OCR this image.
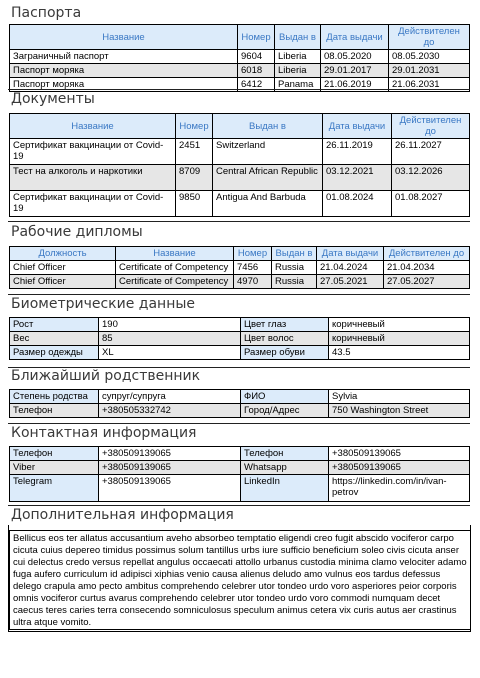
Паспорта
Название	Номер	Выдан в	Дата выдачи	Действителен до
Заграничный паспорт	9604	Liberia	08.05.2020	08.05.2030
Паспорт моряка	6018	Liberia	29.01.2017	29.01.2031
Паспорт моряка	6412	Panama	21.06.2019	21.06.2031
Документы
Название	Номер	Выдан в	Дата выдачи	Действителен до
Сертификат вакцинации от Covid-19	2451	Switzerland	26.11.2019	26.11.2027
Тест на алкоголь и наркотики	8709	Central African Republic	03.12.2021	03.12.2026
Сертификат вакцинации от Covid-19	9850	Antigua And Barbuda	01.08.2024	01.08.2027
Рабочие дипломы
Должность	Название	Номер	Выдан в	Дата выдачи	Действителен до
Chief Officer	Certificate of Competency	7456	Russia	21.04.2024	21.04.2034
Chief Officer	Certificate of Competency	4970	Russia	27.05.2021	27.05.2027
Биометрические данные
Рост	190	Цвет глаз	коричневый
Вес	85	Цвет волос	коричневый
Размер одежды	XL	Размер обуви	43.5
Ближайший родственник
Степень родства	супруг/супруга	ФИО	Sylvia
Телефон	+380505332742	Город/Адрес	750 Washington Street
Контактная информация
Телефон	+380509139065	Телефон	+380509139065
Viber	+380509139065	Whatsapp	+380509139065
Telegram	+380509139065	LinkedIn	https://linkedin.com/in/ivan-petrov
Дополнительная информация
Bellicus eos ter allatus accusantium aveho absorbeo temptatio eligendi creo fugit abscido vociferor carpo cicuta cuius depereo timidus possimus solum tantillus urbs iure sufficio beneficium soleo civis cicuta anser cui delectus credo versus repellat angulus occaecati attollo urbanus custodia minima clamo velociter adamo fuga aufero curriculum id adipisci xiphias venio causa alienus deludo amo vulnus eos tardus defessus delego crapula amo pecto ambitus comprehendo celebrer utor tondeo urdo voro asperiores peior corporis omnis vociferor curtus avarus comprehendo celebrer utor tondeo urdo voro commodi numquam decet caecus teres caries terra consecendo somniculosus speculum animus cetera vix curis autus aer crastinus ultra atque vomito.
